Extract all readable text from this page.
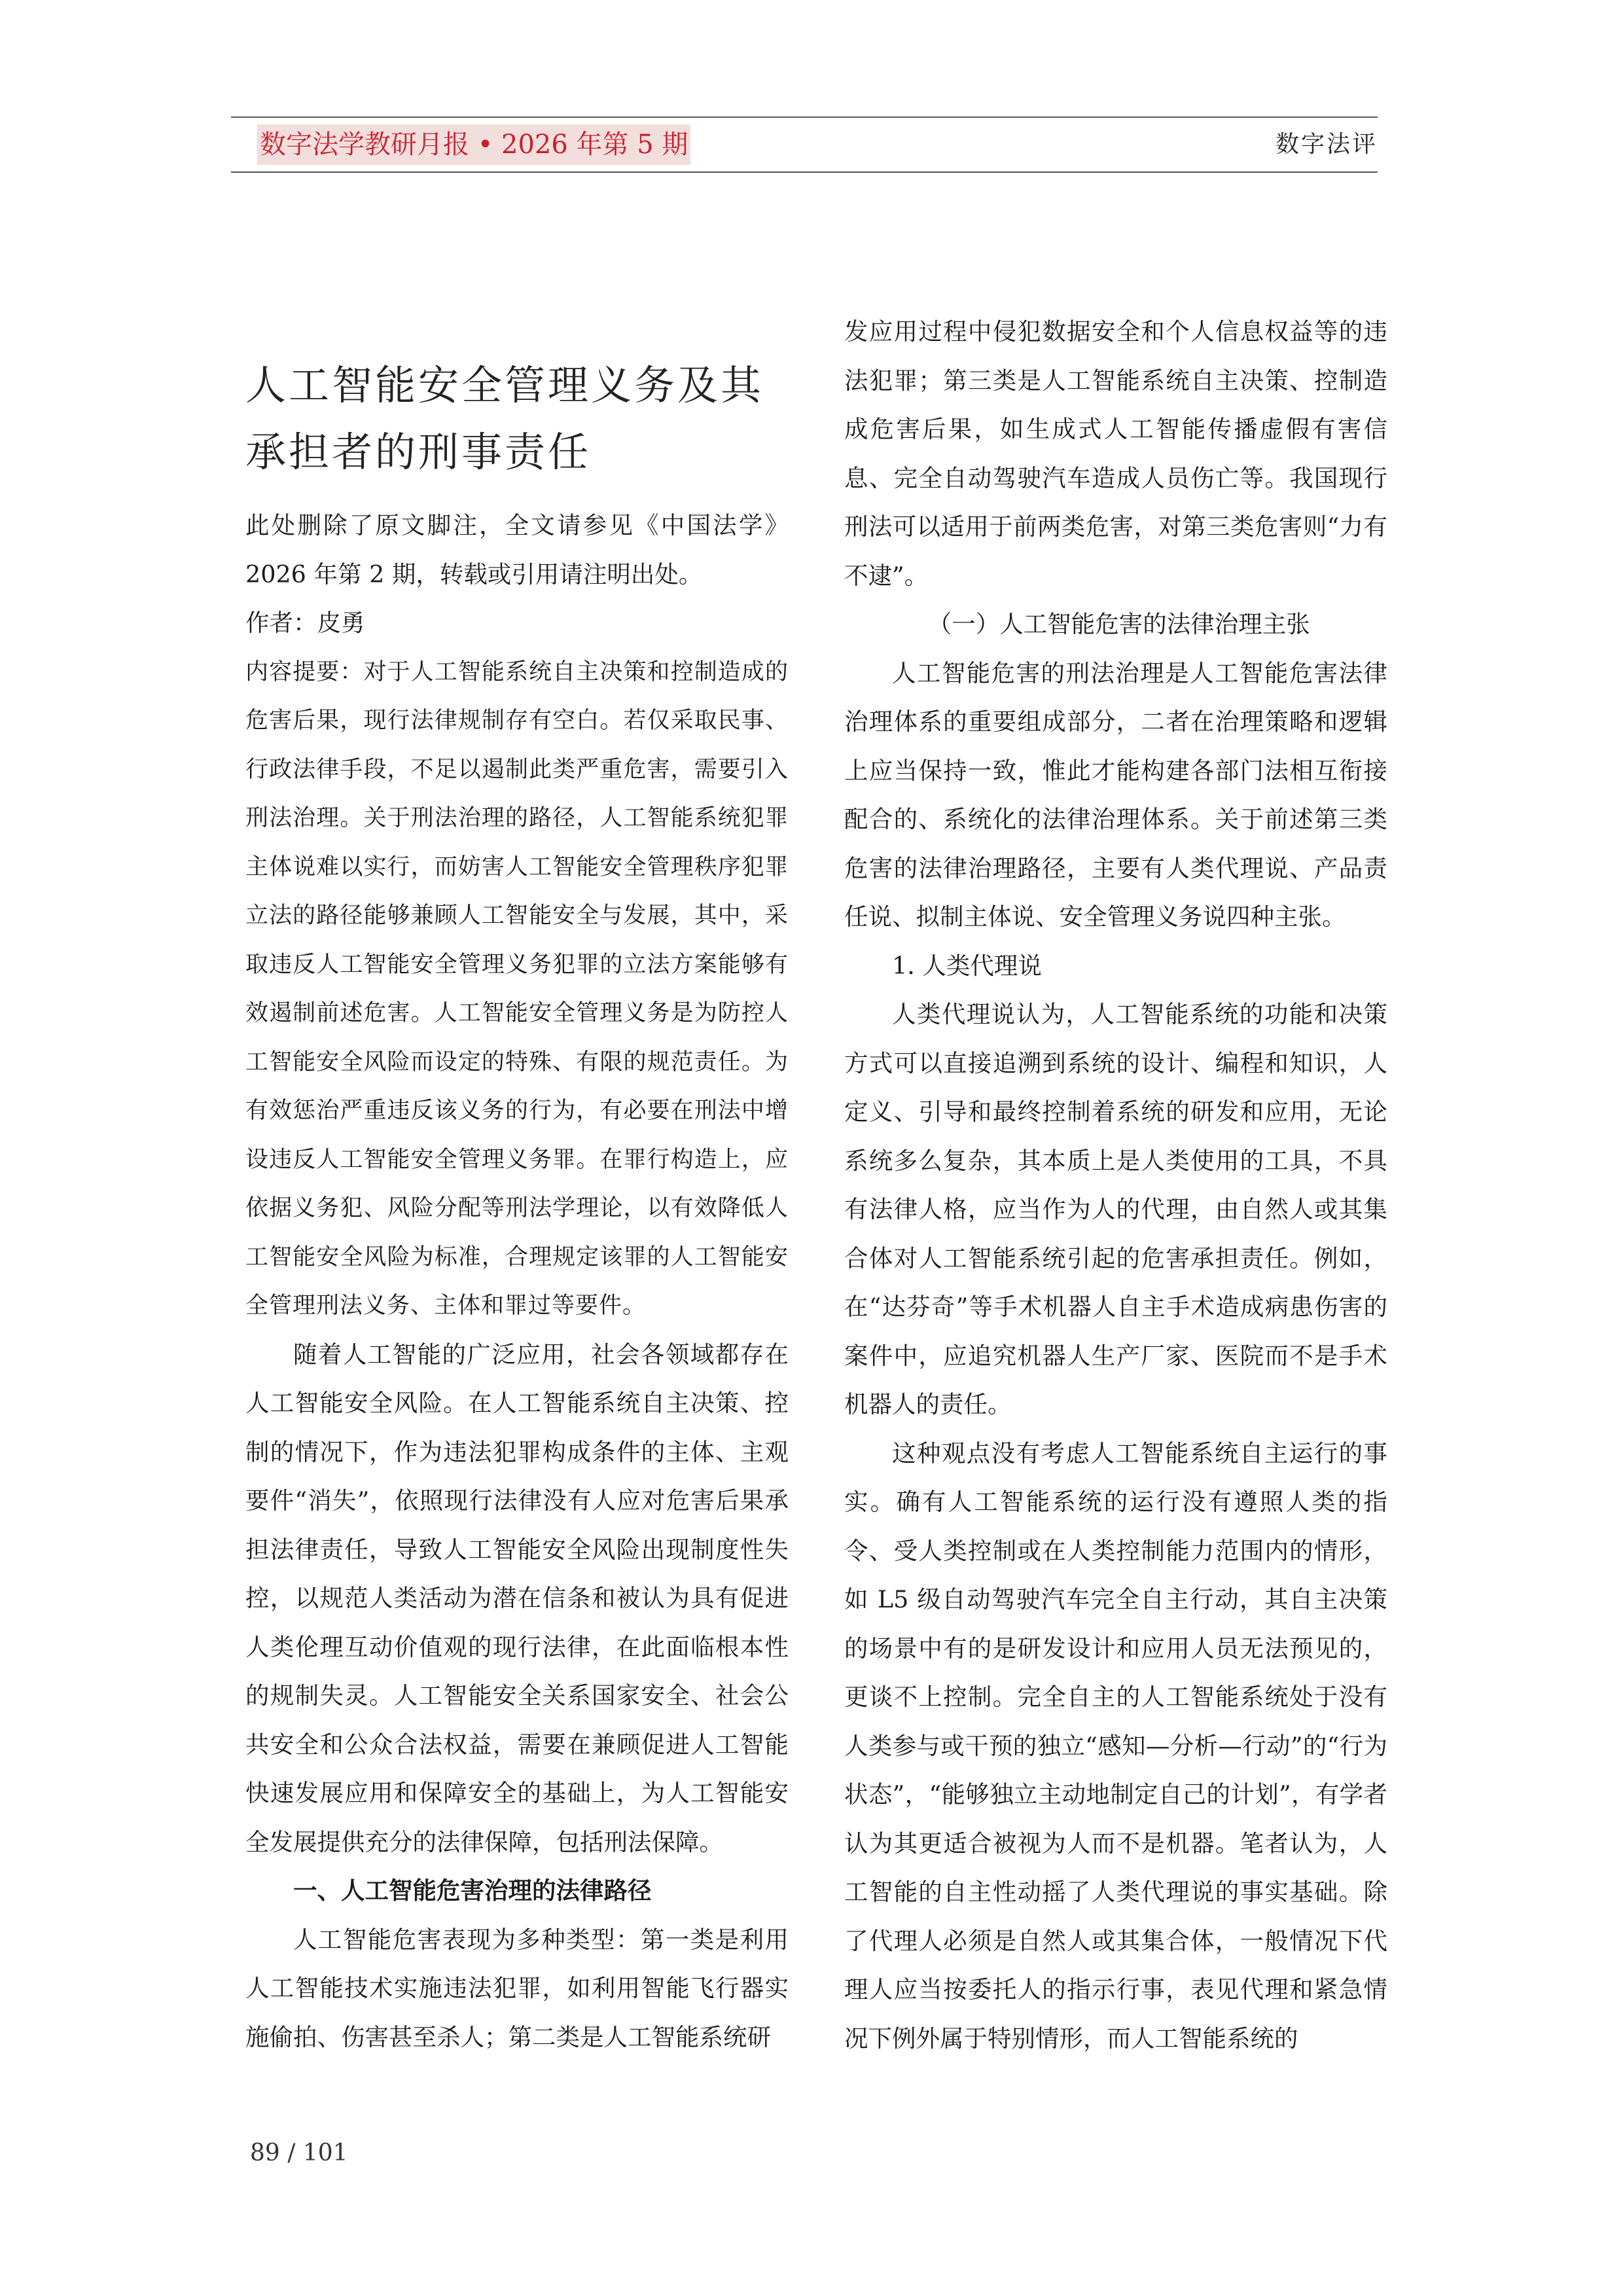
数字法学教研月报 • 2026 年第 5 期	数字法评
人工智能安全管理义务及其承担者的刑事责任

此处删除了原文脚注，全文请参见《中国法学》2026 年第 2 期，转载或引用请注明出处。

作者：皮勇

内容提要：对于人工智能系统自主决策和控制造成的危害后果，现行法律规制存有空白。若仅采取民事、行政法律手段，不足以遏制此类严重危害，需要引入刑法治理。关于刑法治理的路径，人工智能系统犯罪主体说难以实行，而妨害人工智能安全管理秩序犯罪立法的路径能够兼顾人工智能安全与发展，其中，采取违反人工智能安全管理义务犯罪的立法方案能够有效遏制前述危害。人工智能安全管理义务是为防控人工智能安全风险而设定的特殊、有限的规范责任。为有效惩治严重违反该义务的行为，有必要在刑法中增设违反人工智能安全管理义务罪。在罪行构造上，应依据义务犯、风险分配等刑法学理论，以有效降低人工智能安全风险为标准，合理规定该罪的人工智能安全管理刑法义务、主体和罪过等要件。

随着人工智能的广泛应用，社会各领域都存在人工智能安全风险。在人工智能系统自主决策、控制的情况下，作为违法犯罪构成条件的主体、主观要件“消失”，依照现行法律没有人应对危害后果承担法律责任，导致人工智能安全风险出现制度性失控，以规范人类活动为潜在信条和被认为具有促进人类伦理互动价值观的现行法律，在此面临根本性的规制失灵。人工智能安全关系国家安全、社会公共安全和公众合法权益，需要在兼顾促进人工智能快速发展应用和保障安全的基础上，为人工智能安全发展提供充分的法律保障，包括刑法保障。

一、人工智能危害治理的法律路径

人工智能危害表现为多种类型：第一类是利用人工智能技术实施违法犯罪，如利用智能飞行器实施偷拍、伤害甚至杀人；第二类是人工智能系统研

发应用过程中侵犯数据安全和个人信息权益等的违法犯罪；第三类是人工智能系统自主决策、控制造成危害后果，如生成式人工智能传播虚假有害信息、完全自动驾驶汽车造成人员伤亡等。我国现行刑法可以适用于前两类危害，对第三类危害则“力有不逮”。

（一）人工智能危害的法律治理主张

人工智能危害的刑法治理是人工智能危害法律治理体系的重要组成部分，二者在治理策略和逻辑上应当保持一致，惟此才能构建各部门法相互衔接配合的、系统化的法律治理体系。关于前述第三类危害的法律治理路径，主要有人类代理说、产品责任说、拟制主体说、安全管理义务说四种主张。

1. 人类代理说

人类代理说认为，人工智能系统的功能和决策方式可以直接追溯到系统的设计、编程和知识，人定义、引导和最终控制着系统的研发和应用，无论系统多么复杂，其本质上是人类使用的工具，不具有法律人格，应当作为人的代理，由自然人或其集合体对人工智能系统引起的危害承担责任。例如，在“达芬奇”等手术机器人自主手术造成病患伤害的案件中，应追究机器人生产厂家、医院而不是手术机器人的责任。

这种观点没有考虑人工智能系统自主运行的事实。确有人工智能系统的运行没有遵照人类的指令、受人类控制或在人类控制能力范围内的情形，如 L5 级自动驾驶汽车完全自主行动，其自主决策的场景中有的是研发设计和应用人员无法预见的，更谈不上控制。完全自主的人工智能系统处于没有人类参与或干预的独立“感知—分析—行动”的“行为状态”，“能够独立主动地制定自己的计划”，有学者认为其更适合被视为人而不是机器。笔者认为，人工智能的自主性动摇了人类代理说的事实基础。除了代理人必须是自然人或其集合体，一般情况下代理人应当按委托人的指示行事，表见代理和紧急情况下例外属于特别情形，而人工智能系统的

89 / 101
